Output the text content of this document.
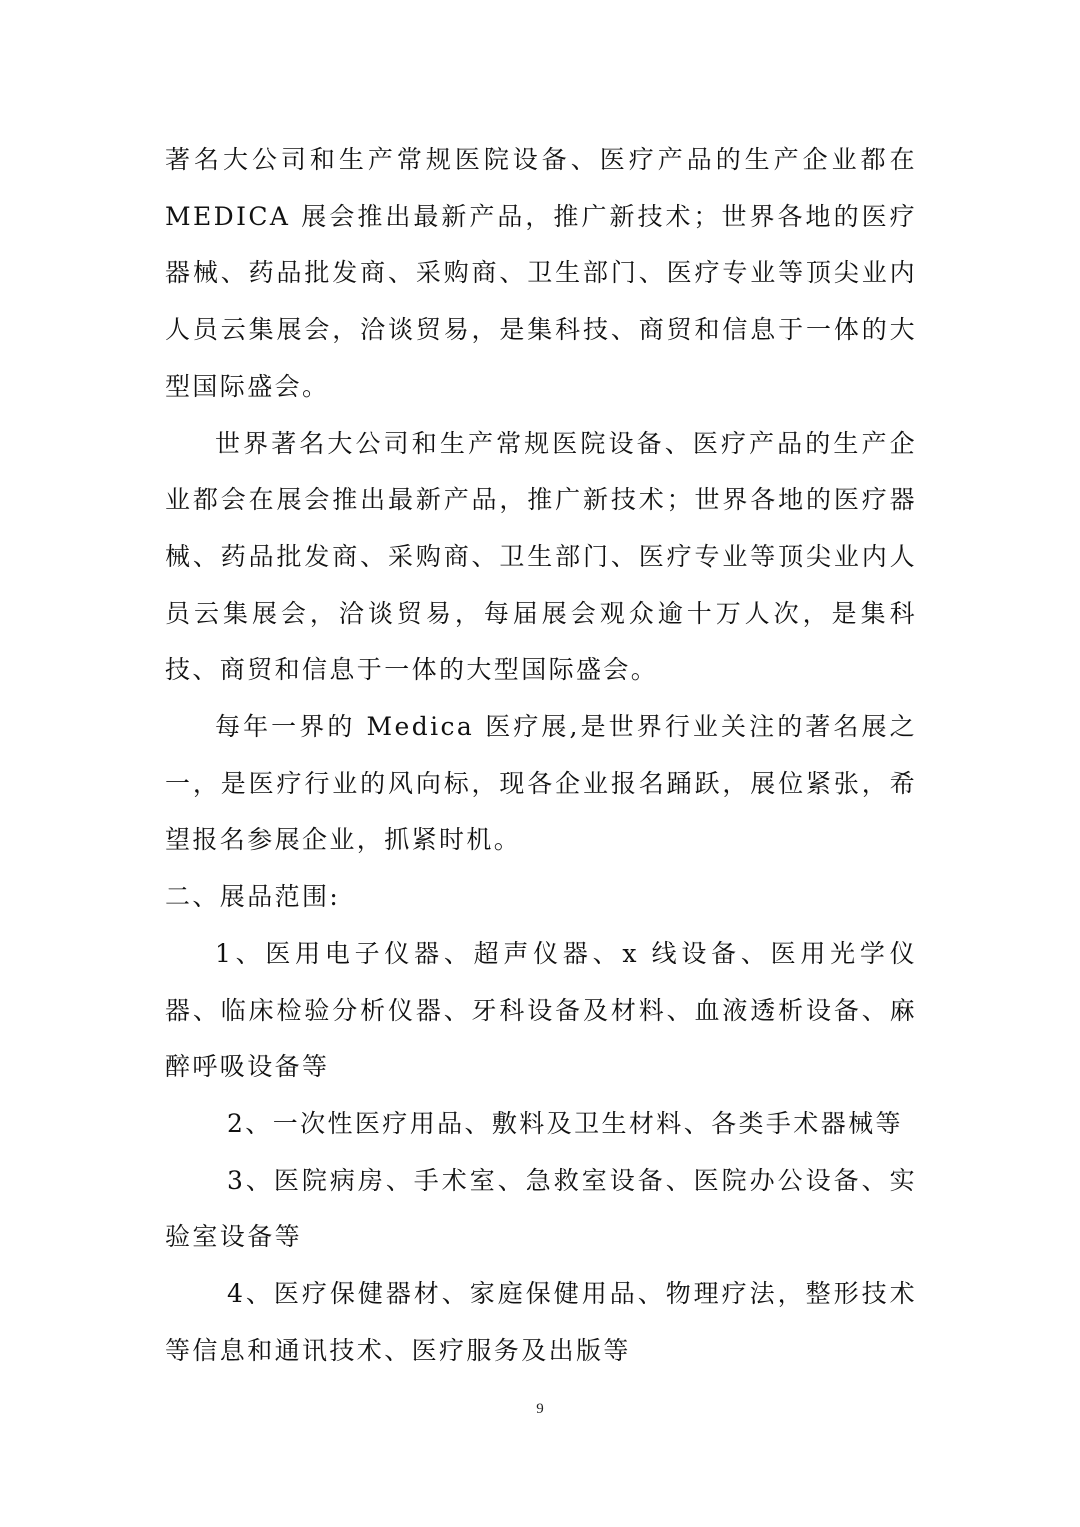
著名大公司和生产常规医院设备、医疗产品的生产企业都在 MEDICA 展会推出最新产品，推广新技术；世界各地的医疗器械、药品批发商、采购商、卫生部门、医疗专业等顶尖业内人员云集展会，洽谈贸易，是集科技、商贸和信息于一体的大型国际盛会。

世界著名大公司和生产常规医院设备、医疗产品的生产企业都会在展会推出最新产品，推广新技术；世界各地的医疗器械、药品批发商、采购商、卫生部门、医疗专业等顶尖业内人员云集展会，洽谈贸易，每届展会观众逾十万人次，是集科技、商贸和信息于一体的大型国际盛会。

每年一界的 Medica 医疗展,是世界行业关注的著名展之一，是医疗行业的风向标，现各企业报名踊跃，展位紧张，希望报名参展企业，抓紧时机。

二、展品范围:

1、医用电子仪器、超声仪器、x 线设备、医用光学仪器、临床检验分析仪器、牙科设备及材料、血液透析设备、麻醉呼吸设备等

2、一次性医疗用品、敷料及卫生材料、各类手术器械等

3、医院病房、手术室、急救室设备、医院办公设备、实验室设备等

4、医疗保健器材、家庭保健用品、物理疗法，整形技术等信息和通讯技术、医疗服务及出版等

9
